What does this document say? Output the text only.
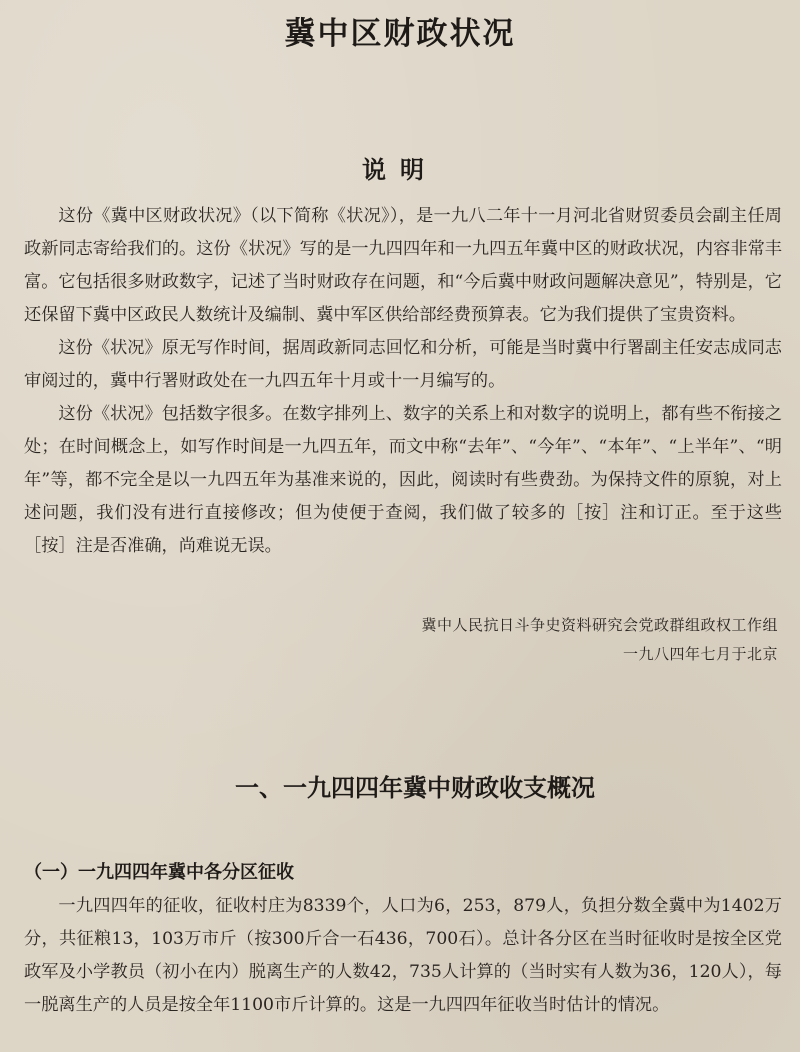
冀中区财政状况
说明

这份《冀中区财政状况》（以下简称《状况》），是一九八二年十一月河北省财贸委员会副主任周政新同志寄给我们的。这份《状况》写的是一九四四年和一九四五年冀中区的财政状况，内容非常丰富。它包括很多财政数字，记述了当时财政存在问题，和“今后冀中财政问题解决意见”，特别是，它还保留下冀中区政民人数统计及编制、冀中军区供给部经费预算表。它为我们提供了宝贵资料。

这份《状况》原无写作时间，据周政新同志回忆和分析，可能是当时冀中行署副主任安志成同志审阅过的，冀中行署财政处在一九四五年十月或十一月编写的。

这份《状况》包括数字很多。在数字排列上、数字的关系上和对数字的说明上，都有些不衔接之处；在时间概念上，如写作时间是一九四五年，而文中称“去年”、“今年”、“本年”、“上半年”、“明年”等，都不完全是以一九四五年为基准来说的，因此，阅读时有些费劲。为保持文件的原貌，对上述问题，我们没有进行直接修改；但为使便于查阅，我们做了较多的［按］注和订正。至于这些［按］注是否准确，尚难说无误。

冀中人民抗日斗争史资料研究会党政群组政权工作组
一九八四年七月于北京
一、一九四四年冀中财政收支概况
（一）一九四四年冀中各分区征收

一九四四年的征收，征收村庄为8339个，人口为6，253，879人，负担分数全冀中为1402万分，共征粮13，103万市斤（按300斤合一石436，700石）。总计各分区在当时征收时是按全区党政军及小学教员（初小在内）脱离生产的人数42，735人计算的（当时实有人数为36，120人），每一脱离生产的人员是按全年1100市斤计算的。这是一九四四年征收当时估计的情况。
